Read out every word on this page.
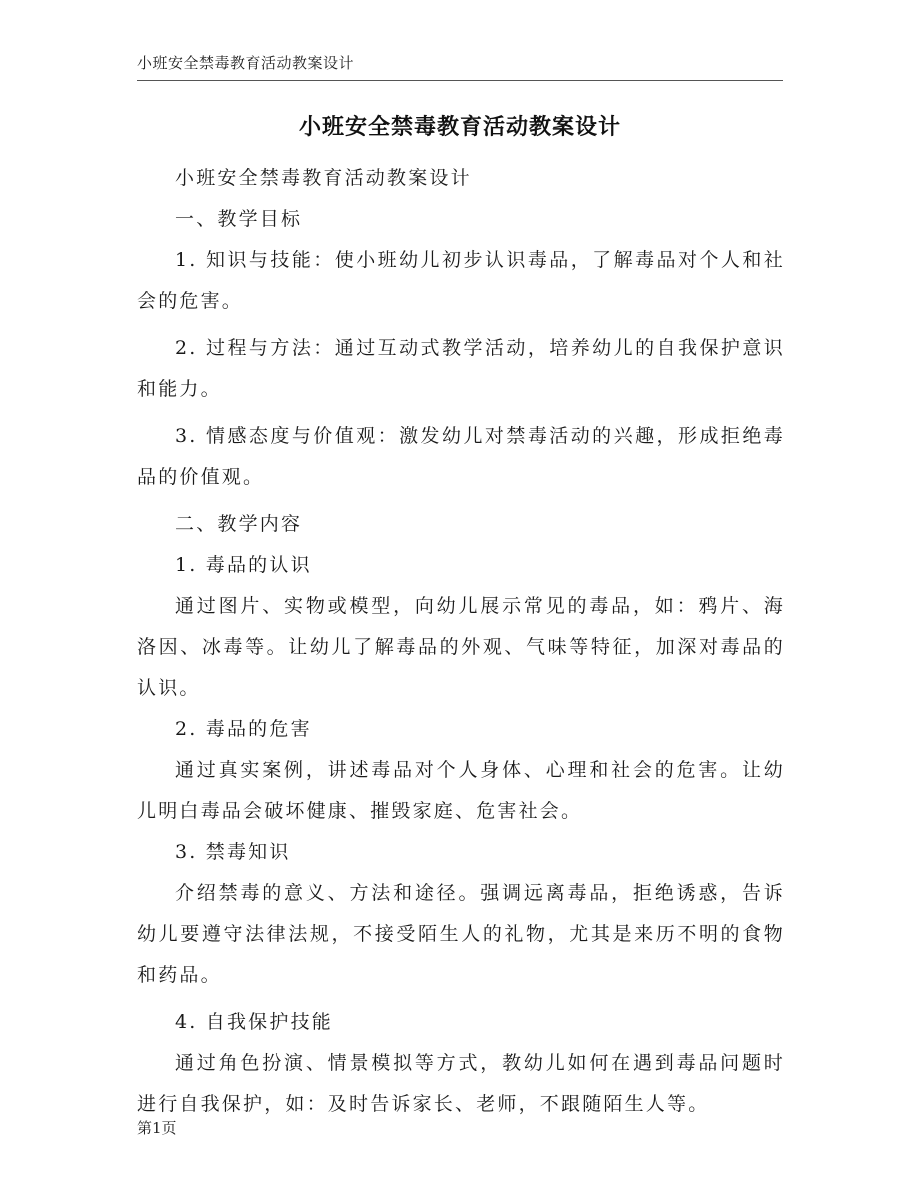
小班安全禁毒教育活动教案设计
小班安全禁毒教育活动教案设计

小班安全禁毒教育活动教案设计

一、教学目标

1. 知识与技能：使小班幼儿初步认识毒品，了解毒品对个人和社会的危害。

2. 过程与方法：通过互动式教学活动，培养幼儿的自我保护意识和能力。

3. 情感态度与价值观：激发幼儿对禁毒活动的兴趣，形成拒绝毒品的价值观。

二、教学内容

1. 毒品的认识

通过图片、实物或模型，向幼儿展示常见的毒品，如：鸦片、海洛因、冰毒等。让幼儿了解毒品的外观、气味等特征，加深对毒品的认识。

2. 毒品的危害

通过真实案例，讲述毒品对个人身体、心理和社会的危害。让幼儿明白毒品会破坏健康、摧毁家庭、危害社会。

3. 禁毒知识

介绍禁毒的意义、方法和途径。强调远离毒品，拒绝诱惑，告诉幼儿要遵守法律法规，不接受陌生人的礼物，尤其是来历不明的食物和药品。

4. 自我保护技能

通过角色扮演、情景模拟等方式，教幼儿如何在遇到毒品问题时进行自我保护，如：及时告诉家长、老师，不跟随陌生人等。

第1页
